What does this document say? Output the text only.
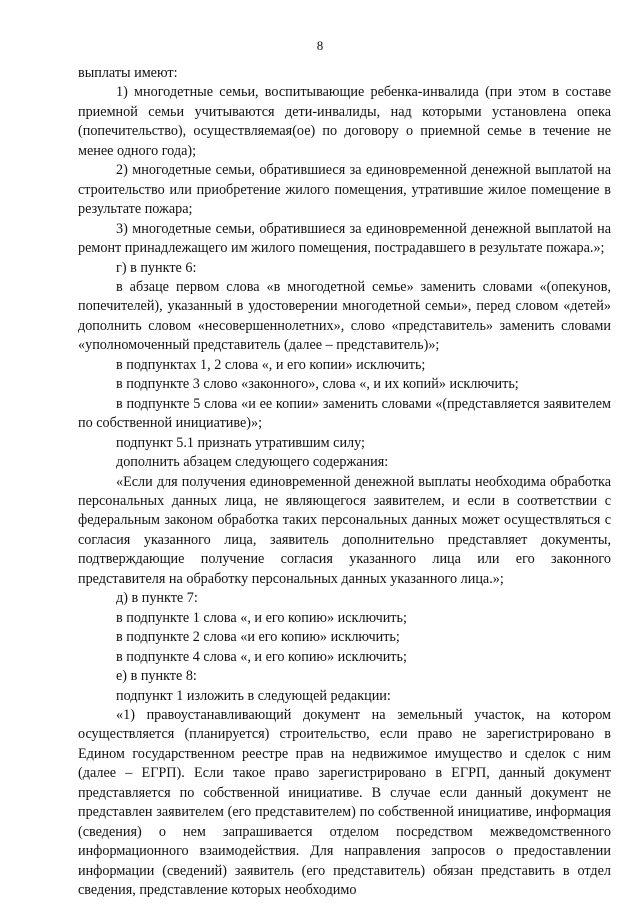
8

выплаты имеют:

1) многодетные семьи, воспитывающие ребенка-инвалида (при этом в составе приемной семьи учитываются дети-инвалиды, над которыми установлена опека (попечительство), осуществляемая(ое) по договору о приемной семье в течение не менее одного года);

2) многодетные семьи, обратившиеся за единовременной денежной выплатой на строительство или приобретение жилого помещения, утратившие жилое помещение в результате пожара;

3) многодетные семьи, обратившиеся за единовременной денежной выплатой на ремонт принадлежащего им жилого помещения, пострадавшего в результате пожара.»;

г) в пункте 6:

в абзаце первом слова «в многодетной семье» заменить словами «(опекунов, попечителей), указанный в удостоверении многодетной семьи», перед словом «детей» дополнить словом «несовершеннолетних», слово «представитель» заменить словами «уполномоченный представитель (далее – представитель)»;

в подпунктах 1, 2 слова «, и его копии» исключить;

в подпункте 3 слово «законного», слова «, и их копий» исключить;

в подпункте 5 слова «и ее копии» заменить словами «(представляется заявителем по собственной инициативе)»;

подпункт 5.1 признать утратившим силу;

дополнить абзацем следующего содержания:

«Если для получения единовременной денежной выплаты необходима обработка персональных данных лица, не являющегося заявителем, и если в соответствии с федеральным законом обработка таких персональных данных может осуществляться с согласия указанного лица, заявитель дополнительно представляет документы, подтверждающие получение согласия указанного лица или его законного представителя на обработку персональных данных указанного лица.»;

д) в пункте 7:

в подпункте 1 слова «, и его копию» исключить;

в подпункте 2 слова «и его копию» исключить;

в подпункте 4 слова «, и его копию» исключить;

е) в пункте 8:

подпункт 1 изложить в следующей редакции:

«1) правоустанавливающий документ на земельный участок, на котором осуществляется (планируется) строительство, если право не зарегистрировано в Едином государственном реестре прав на недвижимое имущество и сделок с ним (далее – ЕГРП). Если такое право зарегистрировано в ЕГРП, данный документ представляется по собственной инициативе. В случае если данный документ не представлен заявителем (его представителем) по собственной инициативе, информация (сведения) о нем запрашивается отделом посредством межведомственного информационного взаимодействия. Для направления запросов о предоставлении информации (сведений) заявитель (его представитель) обязан представить в отдел сведения, представление которых необходимо
